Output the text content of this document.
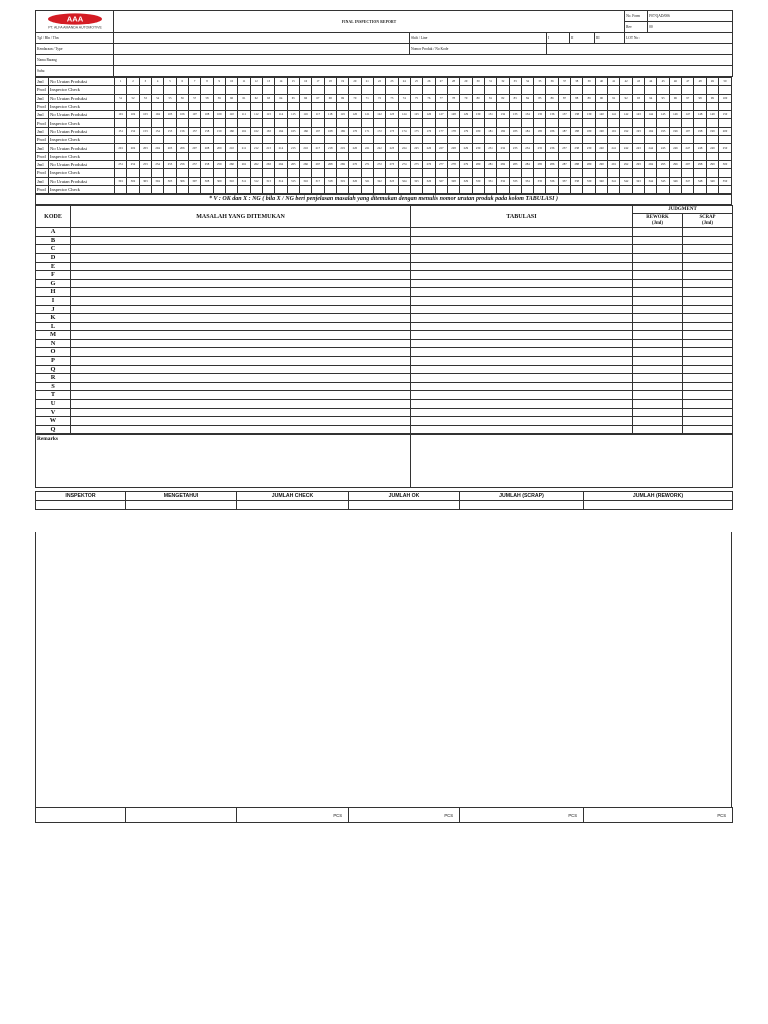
AAA
PT. ALFA AMANDA AUTOMOTIVE	FINAL INSPECTION REPORT					No. Form	F07/QAD/006
						Rev	00
Tgl / Bln / Thn		Shift / Line	I	II	III	LOT No :	
Kendaraan / Type		Nomor Produk / No Kode					
Nama Barang							
Suhu							
Jml	No Urutan Produksi	1	2	3	4	5	6	7	8	9	10	11	12	13	14	15	16	17	18	19	20	21	22	23	24	25	26	27	28	29	30	31	32	33	34	35	36	37	38	39	40	41	42	43	44	45	46	47	48	49	50
Prod	Inspector Check																																																		
Jml	No Urutan Produksi	51	52	53	54	55	56	57	58	59	60	61	62	63	64	65	66	67	68	69	70	71	72	73	74	75	76	77	78	79	80	81	82	83	84	85	86	87	88	89	90	91	92	93	94	95	96	97	98	99	100
Prod	Inspector Check																																																		
Jml	No Urutan Produksi	101	102	103	104	105	106	107	108	109	110	111	112	113	114	115	116	117	118	119	120	121	122	123	124	125	126	127	128	129	130	131	132	133	134	135	136	137	138	139	140	141	142	143	144	145	146	147	148	149	150
Prod	Inspector Check																																																		
Jml	No Urutan Produksi	151	152	153	154	155	156	157	158	159	160	161	162	163	164	165	166	167	168	169	170	171	172	173	174	175	176	177	178	179	180	181	182	183	184	185	186	187	188	189	190	191	192	193	194	195	196	197	198	199	200
Prod	Inspector Check																																																		
Jml	No Urutan Produksi	201	202	203	204	205	206	207	208	209	210	211	212	213	214	215	216	217	218	219	220	221	222	223	224	225	226	227	228	229	230	231	232	233	234	235	236	237	238	239	240	241	242	243	244	245	246	247	248	249	250
Prod	Inspector Check																																																		
Jml	No Urutan Produksi	251	252	253	254	255	256	257	258	259	260	261	262	263	264	265	266	267	268	269	270	271	272	273	274	275	276	277	278	279	280	281	282	283	284	285	286	287	288	289	290	291	292	293	294	295	296	297	298	299	300
Prod	Inspector Check																																																		
Jml	No Urutan Produksi	301	302	303	304	305	306	307	308	309	310	311	312	313	314	315	316	317	318	319	320	321	322	323	324	325	326	327	328	329	330	331	332	333	334	335	336	337	338	339	340	341	342	343	344	345	346	347	348	349	350
Prod	Inspector Check																																																		
* V : OK dan X : NG ( bila X / NG beri penjelasan masalah yang ditemukan dengan menulis nomor urutan produk pada kolom TABULASI )
KODE	MASALAH YANG DITEMUKAN	TABULASI	JUDGMENT	
			REWORK	SCRAP
			(Jml)	(Jml)
A				
B				
C				
D				
E				
F				
G				
H				
I				
J				
K				
L				
M				
N				
O				
P				
Q				
R				
S				
T				
U				
V				
W				
Q				
Remarks	
INSPEKTOR	MENGETAHUI	JUMLAH CHECK	JUMLAH OK	JUMLAH (SCRAP)	JUMLAH (REWORK)

		PCS	PCS	PCS	PCS
